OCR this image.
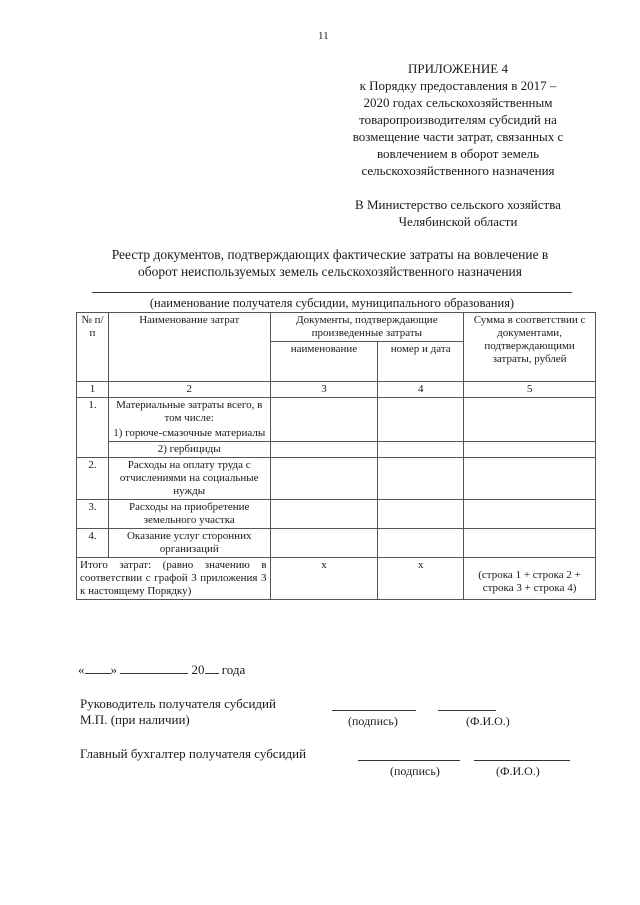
11
ПРИЛОЖЕНИЕ 4
к Порядку предоставления в 2017 –
2020 годах сельскохозяйственным
товаропроизводителям субсидий на
возмещение части затрат, связанных с
вовлечением в оборот земель
сельскохозяйственного назначения
В Министерство сельского хозяйства
Челябинской области
Реестр документов, подтверждающих фактические затраты на вовлечение в
оборот неиспользуемых земель сельскохозяйственного назначения
(наименование получателя субсидии, муниципального образования)
№ п/п	Наименование затрат	Документы, подтверждающие произведенные затраты		Сумма в соответствии с документами, подтверждающими затраты, рублей
		наименование	номер и дата	
1	2	3	4	5
1.	Материальные затраты всего, в том числе:			
	1) горюче-смазочные материалы			
	2) гербициды			
2.	Расходы на оплату труда с отчислениями на социальные нужды			
3.	Расходы на приобретение земельного участка			
4.	Оказание услуг сторонних организаций			
Итого затрат: (равно значению в соответствии с графой 3 приложения 3 к настоящему Порядку)		x	x	(строка 1 + строка 2 + строка 3 + строка 4)
« »	20 года
Руководитель получателя субсидий
М.П. (при наличии)	(подпись)	(Ф.И.О.)
Главный бухгалтер получателя субсидий
(подпись)	(Ф.И.О.)
